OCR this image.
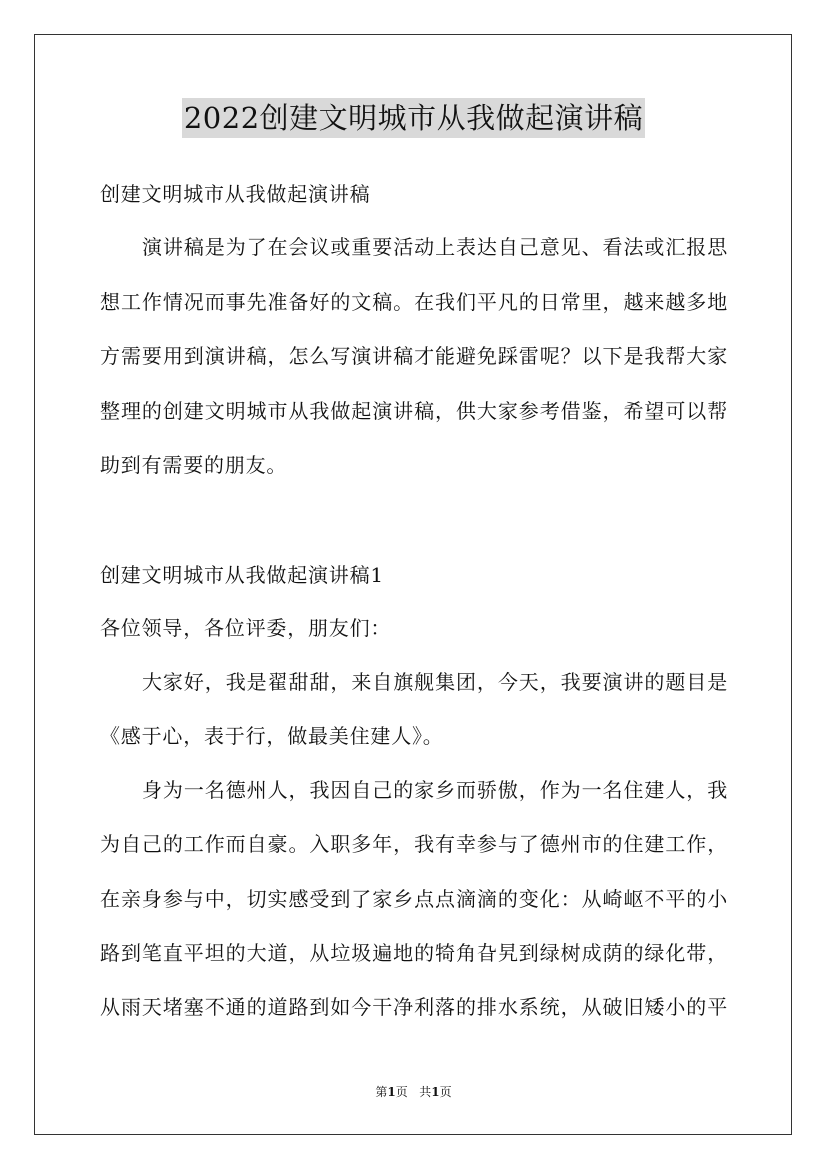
2022创建文明城市从我做起演讲稿
创建文明城市从我做起演讲稿
演讲稿是为了在会议或重要活动上表达自己意见、看法或汇报思
想工作情况而事先准备好的文稿。在我们平凡的日常里，越来越多地
方需要用到演讲稿，怎么写演讲稿才能避免踩雷呢？以下是我帮大家
整理的创建文明城市从我做起演讲稿，供大家参考借鉴，希望可以帮
助到有需要的朋友。
创建文明城市从我做起演讲稿1
各位领导，各位评委，朋友们：
大家好，我是翟甜甜，来自旗舰集团，今天，我要演讲的题目是
《感于心，表于行，做最美住建人》。
身为一名德州人，我因自己的家乡而骄傲，作为一名住建人，我
为自己的工作而自豪。入职多年，我有幸参与了德州市的住建工作，
在亲身参与中，切实感受到了家乡点点滴滴的变化：从崎岖不平的小
路到笔直平坦的大道，从垃圾遍地的犄角旮旯到绿树成荫的绿化带，
从雨天堵塞不通的道路到如今干净利落的排水系统，从破旧矮小的平
第1页 共1页
